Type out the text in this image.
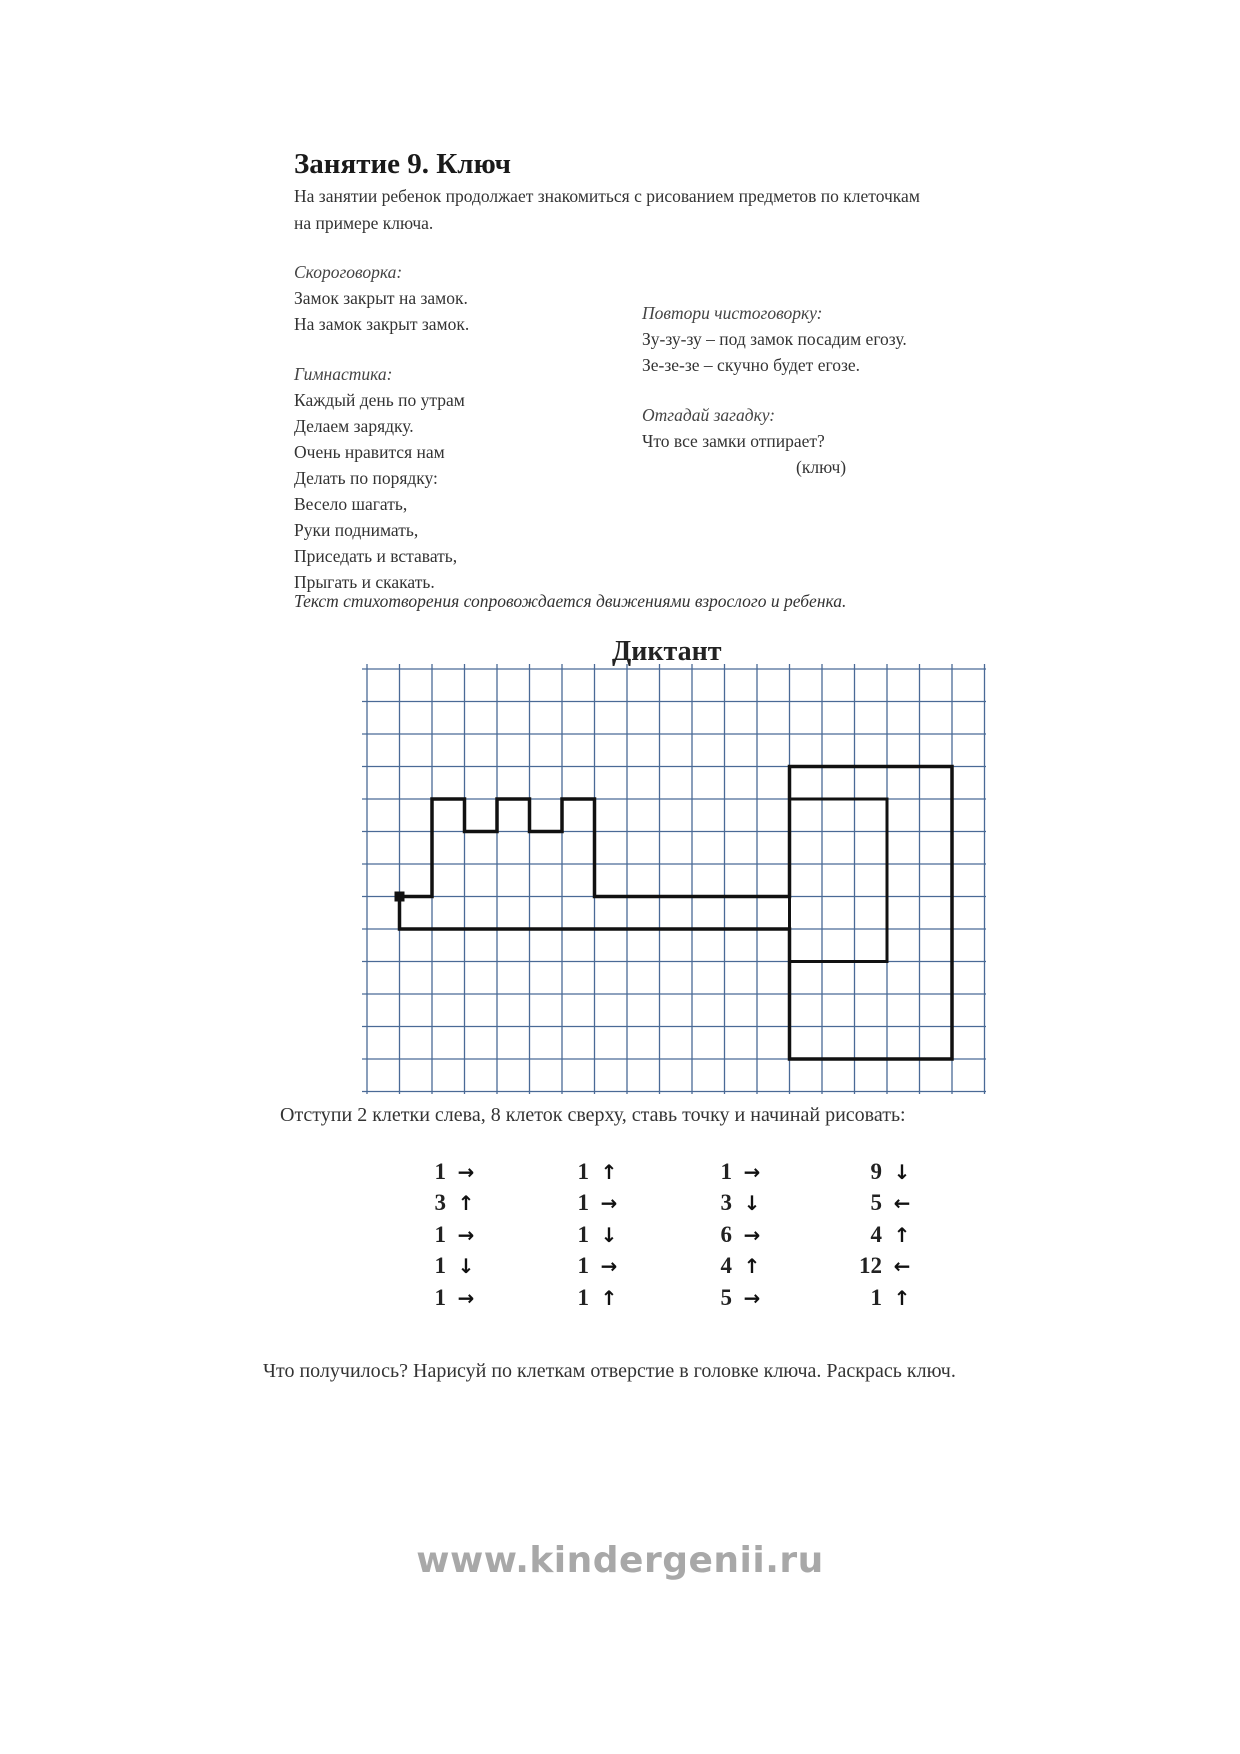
Занятие 9. Ключ
На занятии ребенок продолжает знакомиться с рисованием предметов по клеточкам
на примере ключа.
Скороговорка:
Замок закрыт на замок.
На замок закрыт замок.
Гимнастика:
Каждый день по утрам
Делаем зарядку.
Очень нравится нам
Делать по порядку:
Весело шагать,
Руки поднимать,
Приседать и вставать,
Прыгать и скакать.
Повтори чистоговорку:
Зу-зу-зу – под замок посадим егозу.
Зе-зе-зе – скучно будет егозе.
Отгадай загадку:
Что все замки отпирает?
(ключ)
Текст стихотворения сопровождается движениями взрослого и ребенка.
Диктант
Отступи 2 клетки слева, 8 клеток сверху, ставь точку и начинай рисовать:
1 →
3 ↑
1 →
1 ↓
1 →
1 ↑
1 →
1 ↓
1 →
1 ↑
1 →
3 ↓
6 →
4 ↑
5 →
9 ↓
5 ←
4 ↑
12 ←
1 ↑
Что получилось? Нарисуй по клеткам отверстие в головке ключа. Раскрась ключ.
www.kindergenii.ru
